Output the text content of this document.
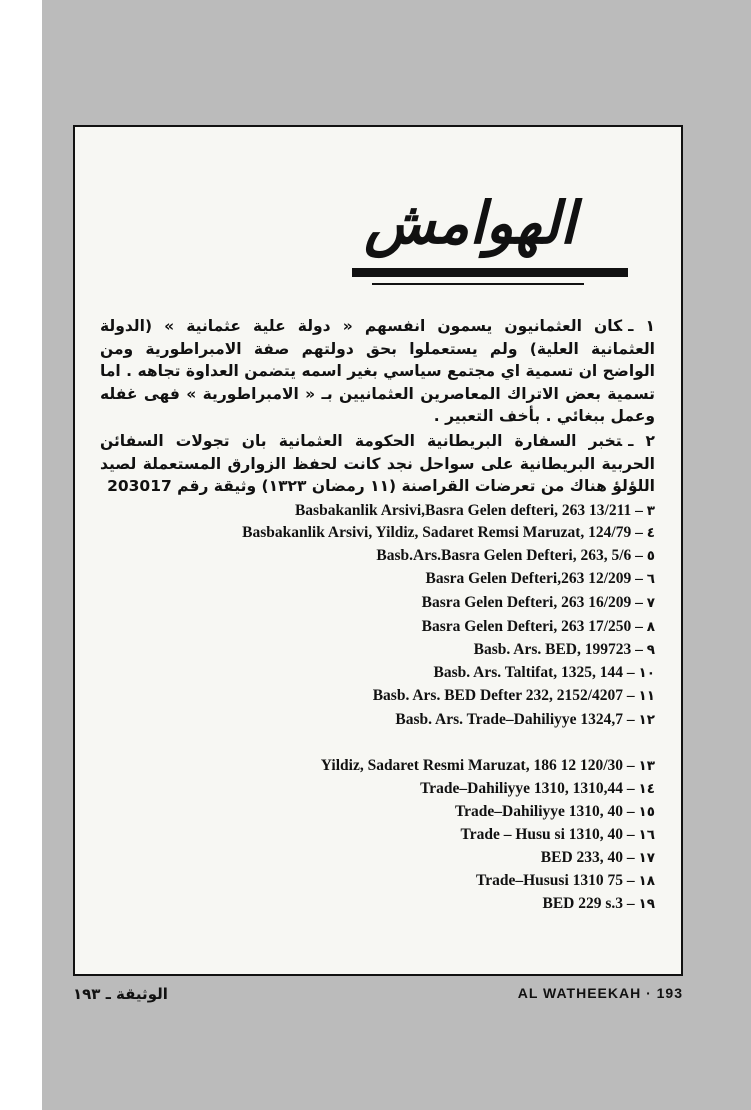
الهوامش
١ ـكان العثمانيون يسمون انفسهم « دولة علية عثمانية » (الدولة العثمانية العلية) ولم يستعملوا بحق دولتهم صفة الامبراطورية ومن الواضح ان تسمية اي مجتمع سياسي بغير اسمه يتضمن العداوة تجاهه . اما تسمية بعض الاتراك المعاصرين العثمانيين بـ « الامبراطورية » فهى غفله وعمل ببغائي . بأخف التعبير .
٢ ـتخبر السفارة البريطانية الحكومة العثمانية بان تجولات السفائن الحربية البريطانية على سواحل نجد كانت لحفظ الزوارق المستعملة لصيد اللؤلؤ هناك من تعرضات القراصنة (١١ رمضان ١٣٢٣) وثيقة رقم 203017
Basbakanlik Arsivi,Basra Gelen defteri, 263 13/211 – ٣
Basbakanlik Arsivi, Yildiz, Sadaret Remsi Maruzat, 124/79 – ٤
Basb.Ars.Basra Gelen Defteri, 263, 5/6 – ٥
Basra Gelen Defteri,263 12/209 – ٦
Basra Gelen Defteri, 263 16/209 – ٧
Basra Gelen Defteri, 263 17/250 – ٨
Basb. Ars. BED, 199723 – ٩
Basb. Ars. Taltifat, 1325, 144 – ١٠
Basb. Ars. BED Defter 232, 2152/4207 – ١١
Basb. Ars. Trade–Dahiliyye 1324,7 – ١٢
Yildiz, Sadaret Resmi Maruzat, 186 12 120/30 – ١٣
Trade–Dahiliyye 1310, 1310,44 – ١٤
Trade–Dahiliyye 1310, 40 – ١٥
Trade – Husu si 1310, 40 – ١٦
BED 233, 40 – ١٧
Trade–Hususi 1310 75 – ١٨
BED 229 s.3 – ١٩
الوثيقة ـ ١٩٣	AL WATHEEKAH · 193
